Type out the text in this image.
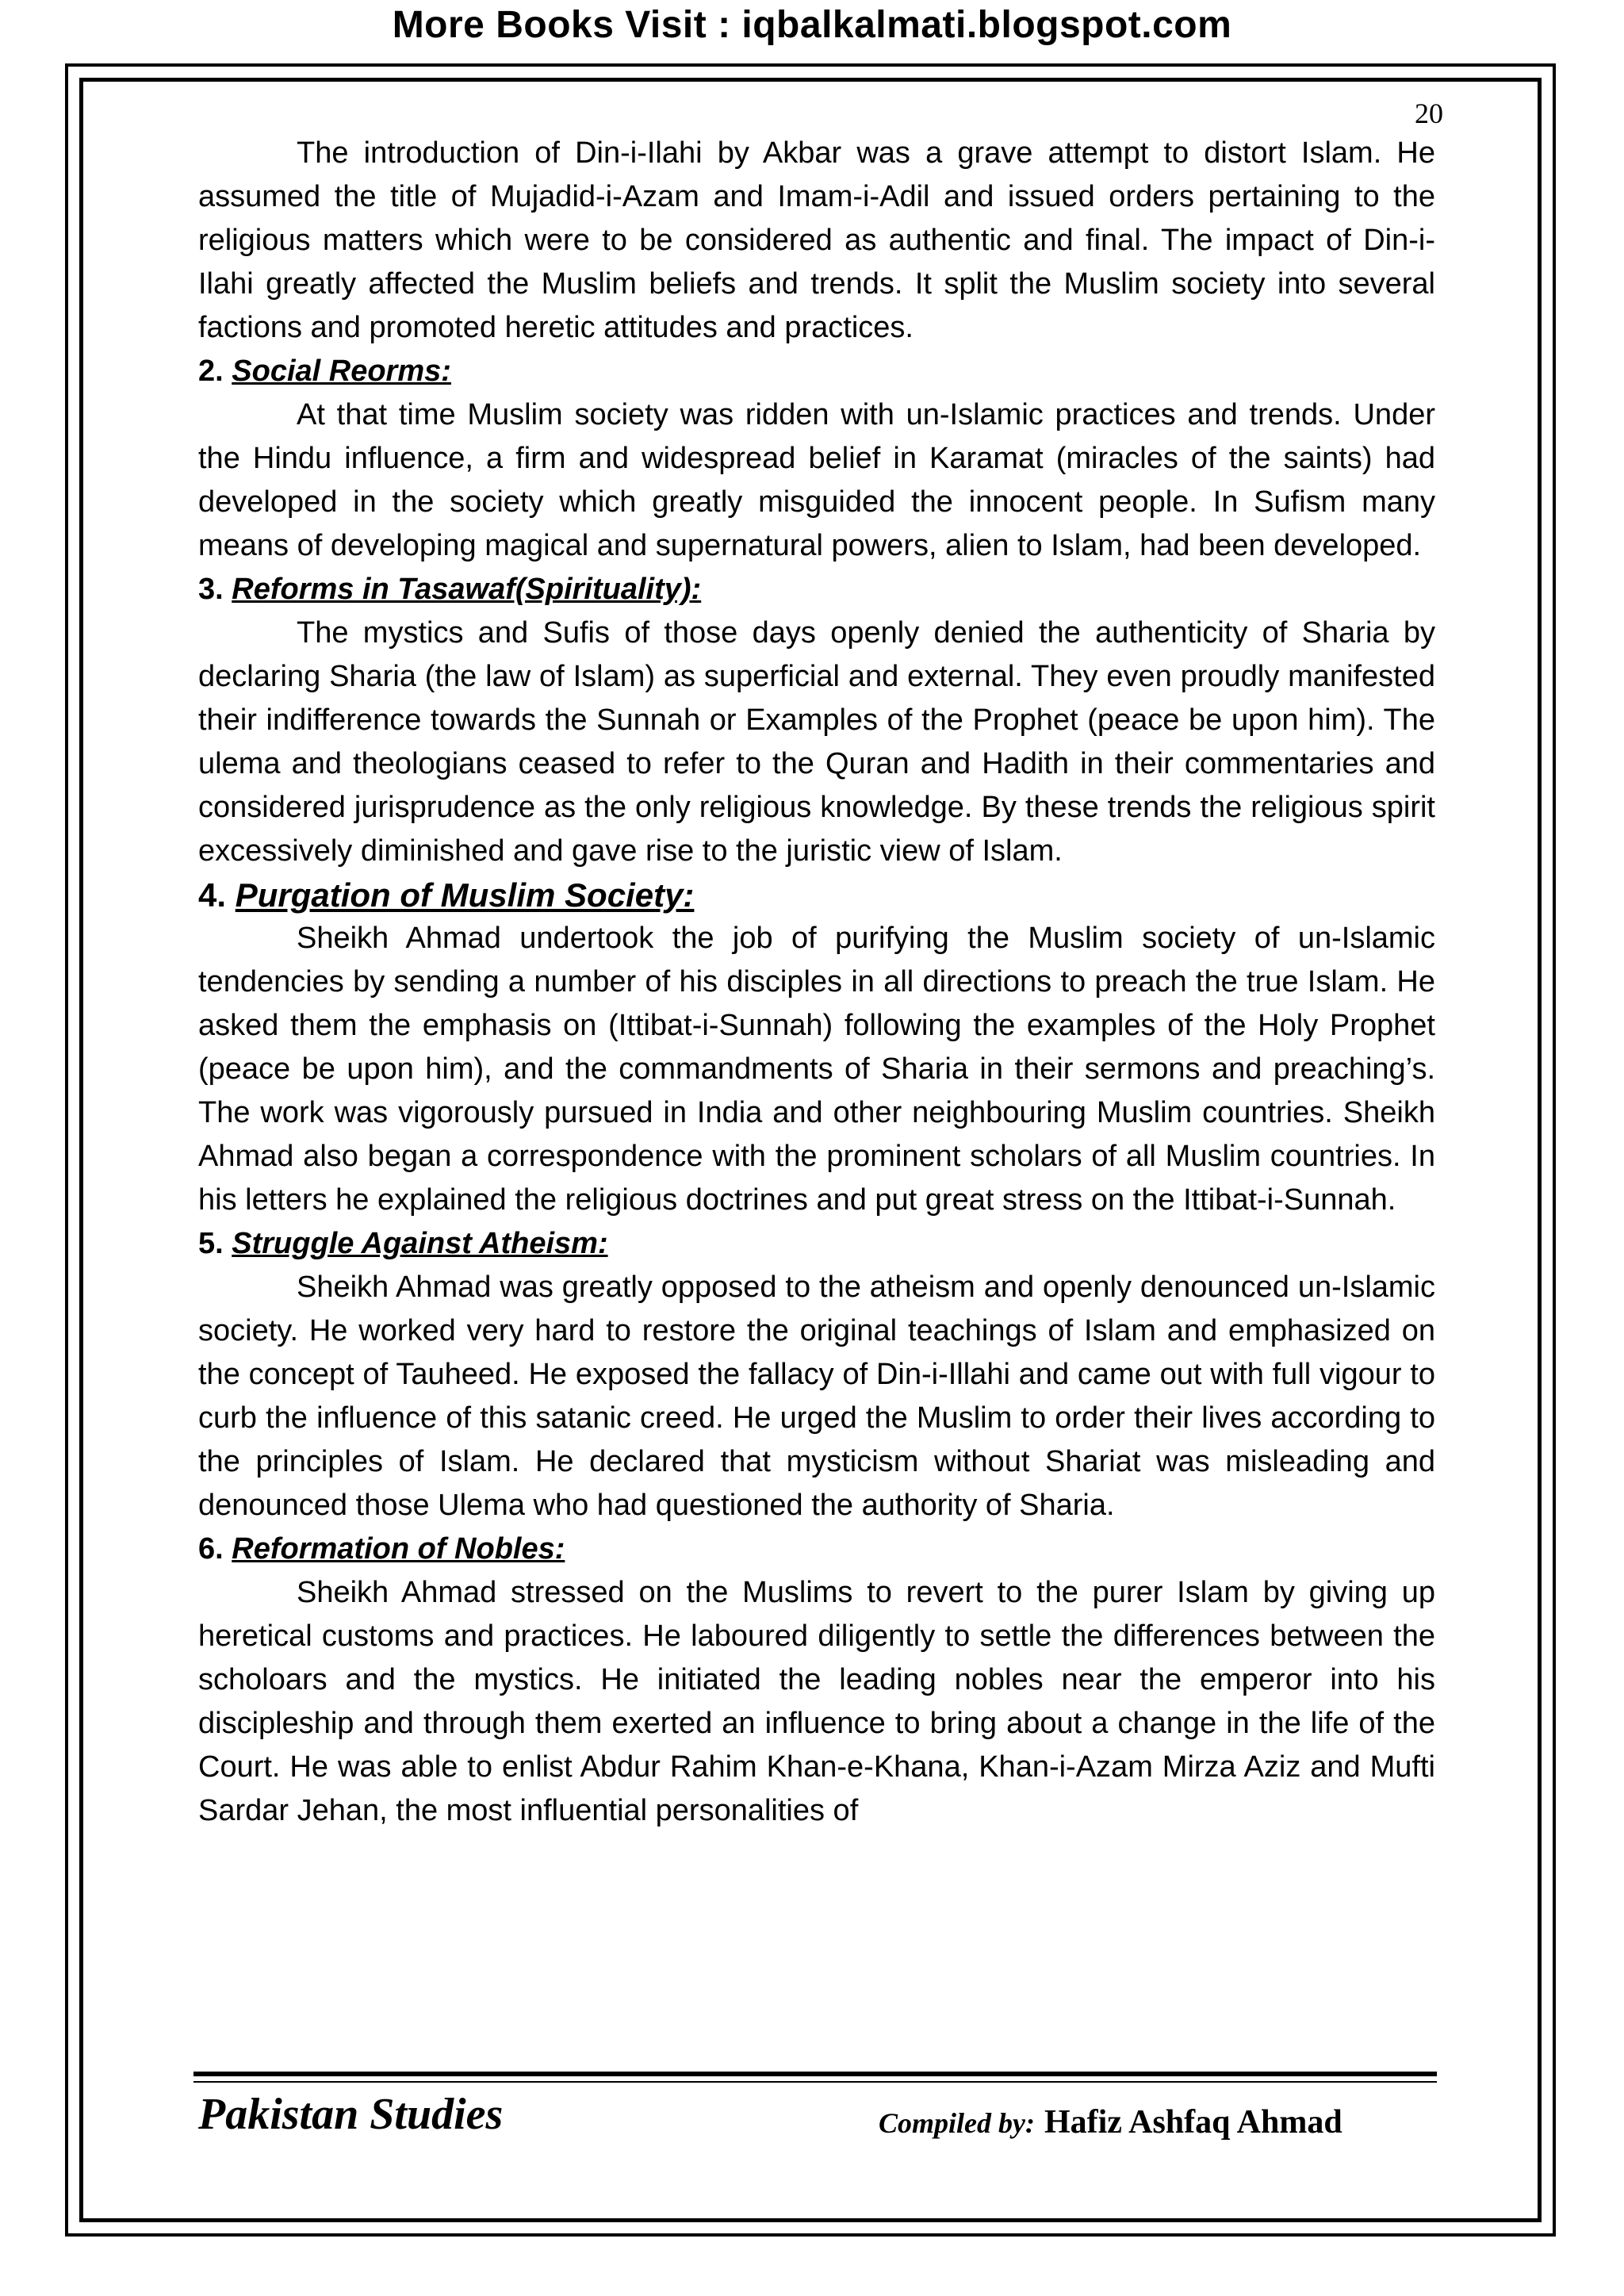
More Books Visit : iqbalkalmati.blogspot.com
20

The introduction of Din-i-Ilahi by Akbar was a grave attempt to distort Islam. He assumed the title of Mujadid-i-Azam and Imam-i-Adil and issued orders pertaining to the religious matters which were to be considered as authentic and final. The impact of Din-i-Ilahi greatly affected the Muslim beliefs and trends. It split the Muslim society into several factions and promoted heretic attitudes and practices.

2. Social Reorms:

At that time Muslim society was ridden with un-Islamic practices and trends. Under the Hindu influence, a firm and widespread belief in Karamat (miracles of the saints) had developed in the society which greatly misguided the innocent people. In Sufism many means of developing magical and supernatural powers, alien to Islam, had been developed.

3. Reforms in Tasawaf(Spirituality):

The mystics and Sufis of those days openly denied the authenticity of Sharia by declaring Sharia (the law of Islam) as superficial and external. They even proudly manifested their indifference towards the Sunnah or Examples of the Prophet (peace be upon him). The ulema and theologians ceased to refer to the Quran and Hadith in their commentaries and considered jurisprudence as the only religious knowledge. By these trends the religious spirit excessively diminished and gave rise to the juristic view of Islam.

4. Purgation of Muslim Society:

Sheikh Ahmad undertook the job of purifying the Muslim society of un-Islamic tendencies by sending a number of his disciples in all directions to preach the true Islam. He asked them the emphasis on (Ittibat-i-Sunnah) following the examples of the Holy Prophet (peace be upon him), and the commandments of Sharia in their sermons and preaching’s. The work was vigorously pursued in India and other neighbouring Muslim countries. Sheikh Ahmad also began a correspondence with the prominent scholars of all Muslim countries. In his letters he explained the religious doctrines and put great stress on the Ittibat-i-Sunnah.

5. Struggle Against Atheism:

Sheikh Ahmad was greatly opposed to the atheism and openly denounced un-Islamic society. He worked very hard to restore the original teachings of Islam and emphasized on the concept of Tauheed. He exposed the fallacy of Din-i-Illahi and came out with full vigour to curb the influence of this satanic creed. He urged the Muslim to order their lives according to the principles of Islam. He declared that mysticism without Shariat was misleading and denounced those Ulema who had questioned the authority of Sharia.

6. Reformation of Nobles:

Sheikh Ahmad stressed on the Muslims to revert to the purer Islam by giving up heretical customs and practices. He laboured diligently to settle the differences between the scholoars and the mystics. He initiated the leading nobles near the emperor into his discipleship and through them exerted an influence to bring about a change in the life of the Court. He was able to enlist Abdur Rahim Khan-e-Khana, Khan-i-Azam Mirza Aziz and Mufti Sardar Jehan, the most influential personalities of

Pakistan Studies	Compiled by: Hafiz Ashfaq Ahmad
